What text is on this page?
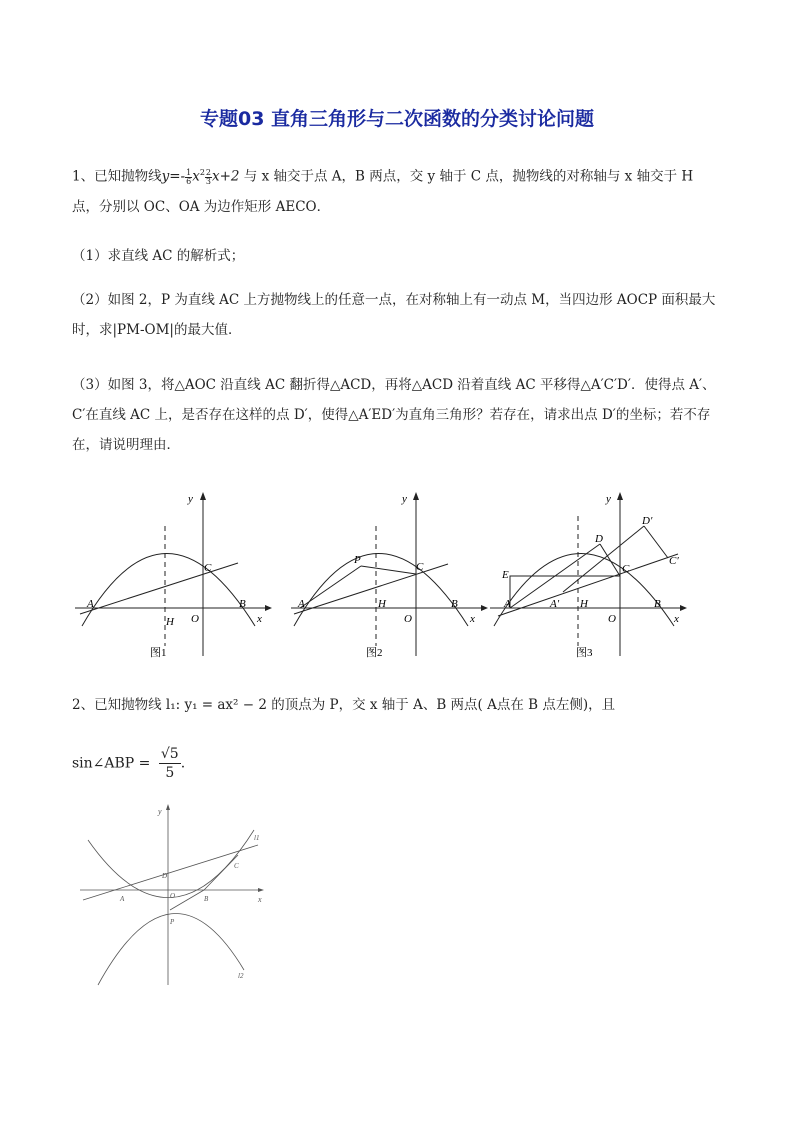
专题03 直角三角形与二次函数的分类讨论问题
1、已知抛物线$y=- \frac{1}{6} x^2 \frac{2}{3} x+2$ 与 x 轴交于点 A，B 两点，交 y 轴于 C 点，抛物线的对称轴与 x 轴交于 H 点，分别以 OC、OA 为边作矩形 AECO．
（1）求直线 AC 的解析式；
（2）如图 2，P 为直线 AC 上方抛物线上的任意一点，在对称轴上有一动点 M，当四边形 AOCP 面积最大时，求|PM-OM|的最大值．
（3）如图 3，将△AOC 沿直线 AC 翻折得△ACD，再将△ACD 沿着直线 AC 平移得△A′C′D′．使得点 A′、C′在直线 AC 上，是否存在这样的点 D′，使得△A′ED′为直角三角形？若存在，请求出点 D′的坐标；若不存在，请说明理由．
y
x
A
H O
C
B
图1
y
x
P
A	H
O
C
B
图2
y
x
E
D
D′
C
C′
A	A′ H
O
B
图3
2、已知抛物线 l₁: y₁ = ax² − 2 的顶点为 P，交 x 轴于 A、B 两点( A点在 B 点左侧)，且
sin∠ABP = $\frac{√5}{5}$ .
y
x
l1
l2
C
D
A	O	B
P
